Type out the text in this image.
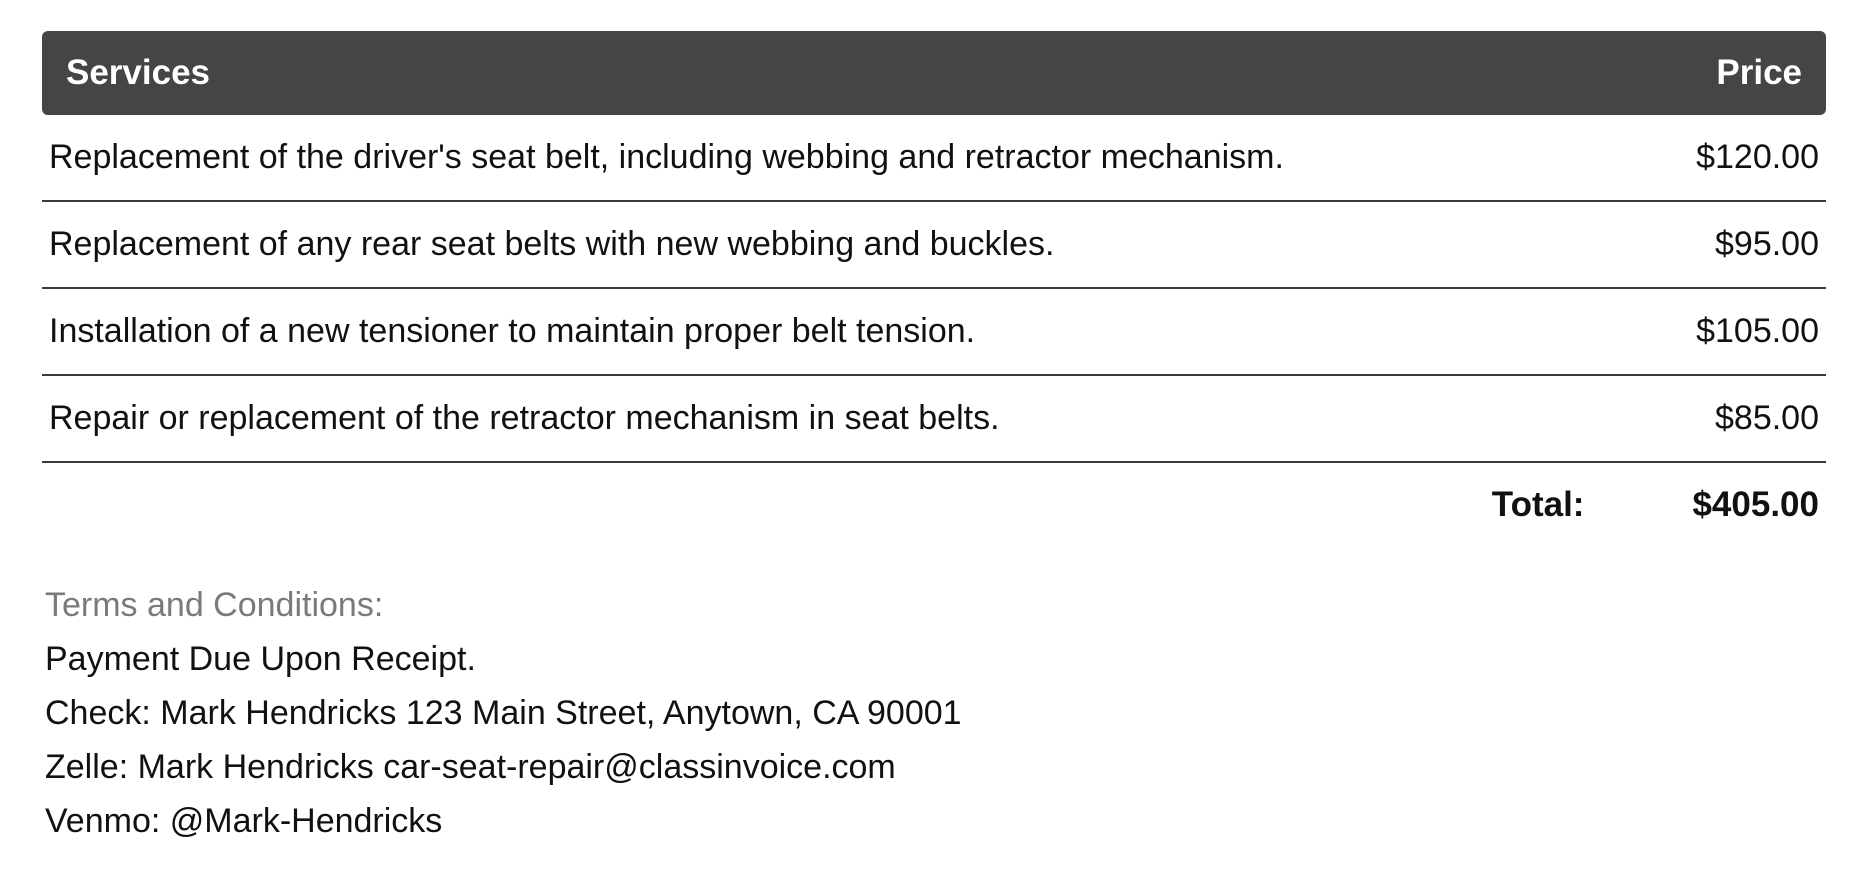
Services	Price
Replacement of the driver's seat belt, including webbing and retractor mechanism.	$120.00
Replacement of any rear seat belts with new webbing and buckles.	$95.00
Installation of a new tensioner to maintain proper belt tension.	$105.00
Repair or replacement of the retractor mechanism in seat belts.	$85.00
Total:	$405.00
Terms and Conditions:
Payment Due Upon Receipt.
Check: Mark Hendricks 123 Main Street, Anytown, CA 90001
Zelle: Mark Hendricks car-seat-repair@classinvoice.com
Venmo: @Mark-Hendricks
